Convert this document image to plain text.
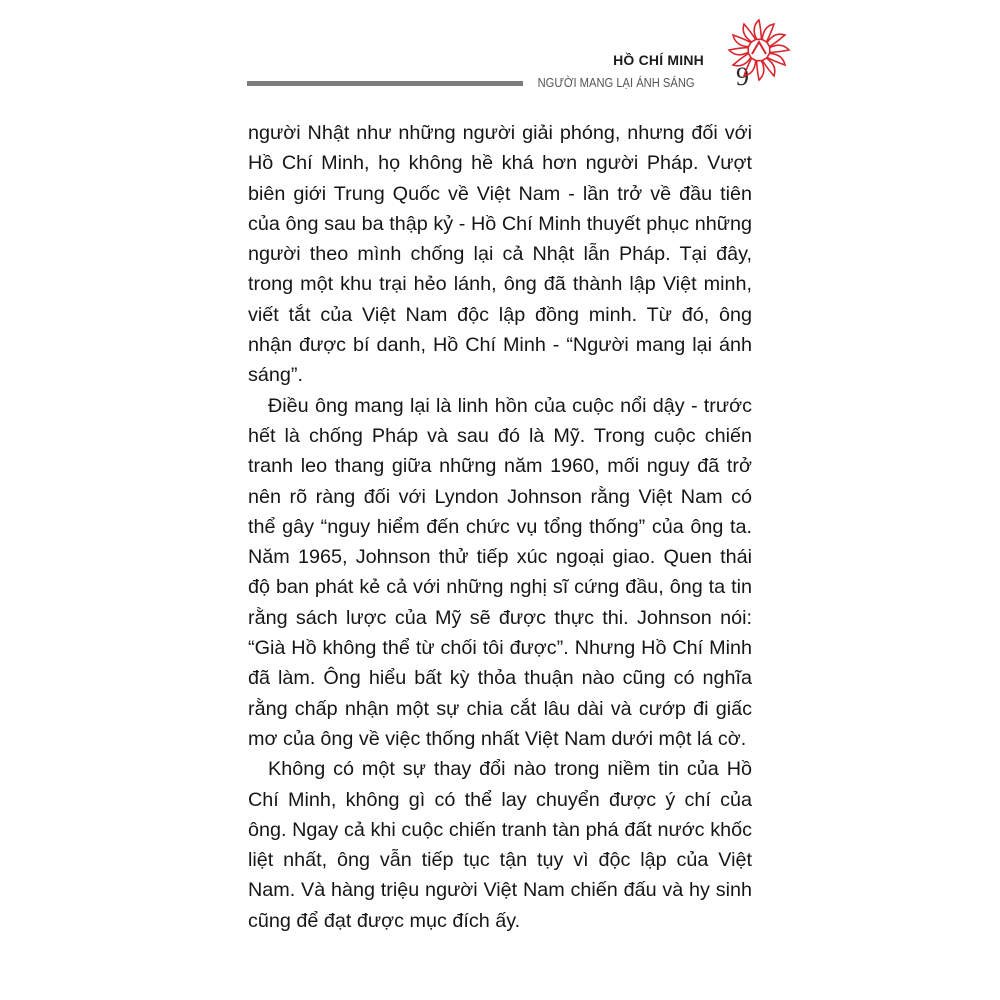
HỒ CHÍ MINH
NGƯỜI MANG LẠI ÁNH SÁNG 9

người Nhật như những người giải phóng, nhưng đối với Hồ Chí Minh, họ không hề khá hơn người Pháp. Vượt biên giới Trung Quốc về Việt Nam - lần trở về đầu tiên của ông sau ba thập kỷ - Hồ Chí Minh thuyết phục những người theo mình chống lại cả Nhật lẫn Pháp. Tại đây, trong một khu trại hẻo lánh, ông đã thành lập Việt minh, viết tắt của Việt Nam độc lập đồng minh. Từ đó, ông nhận được bí danh, Hồ Chí Minh - “Người mang lại ánh sáng”.

Điều ông mang lại là linh hồn của cuộc nổi dậy - trước hết là chống Pháp và sau đó là Mỹ. Trong cuộc chiến tranh leo thang giữa những năm 1960, mối nguy đã trở nên rõ ràng đối với Lyndon Johnson rằng Việt Nam có thể gây “nguy hiểm đến chức vụ tổng thống” của ông ta. Năm 1965, Johnson thử tiếp xúc ngoại giao. Quen thái độ ban phát kẻ cả với những nghị sĩ cứng đầu, ông ta tin rằng sách lược của Mỹ sẽ được thực thi. Johnson nói: “Già Hồ không thể từ chối tôi được”. Nhưng Hồ Chí Minh đã làm. Ông hiểu bất kỳ thỏa thuận nào cũng có nghĩa rằng chấp nhận một sự chia cắt lâu dài và cướp đi giấc mơ của ông về việc thống nhất Việt Nam dưới một lá cờ.

Không có một sự thay đổi nào trong niềm tin của Hồ Chí Minh, không gì có thể lay chuyển được ý chí của ông. Ngay cả khi cuộc chiến tranh tàn phá đất nước khốc liệt nhất, ông vẫn tiếp tục tận tụy vì độc lập của Việt Nam. Và hàng triệu người Việt Nam chiến đấu và hy sinh cũng để đạt được mục đích ấy.
